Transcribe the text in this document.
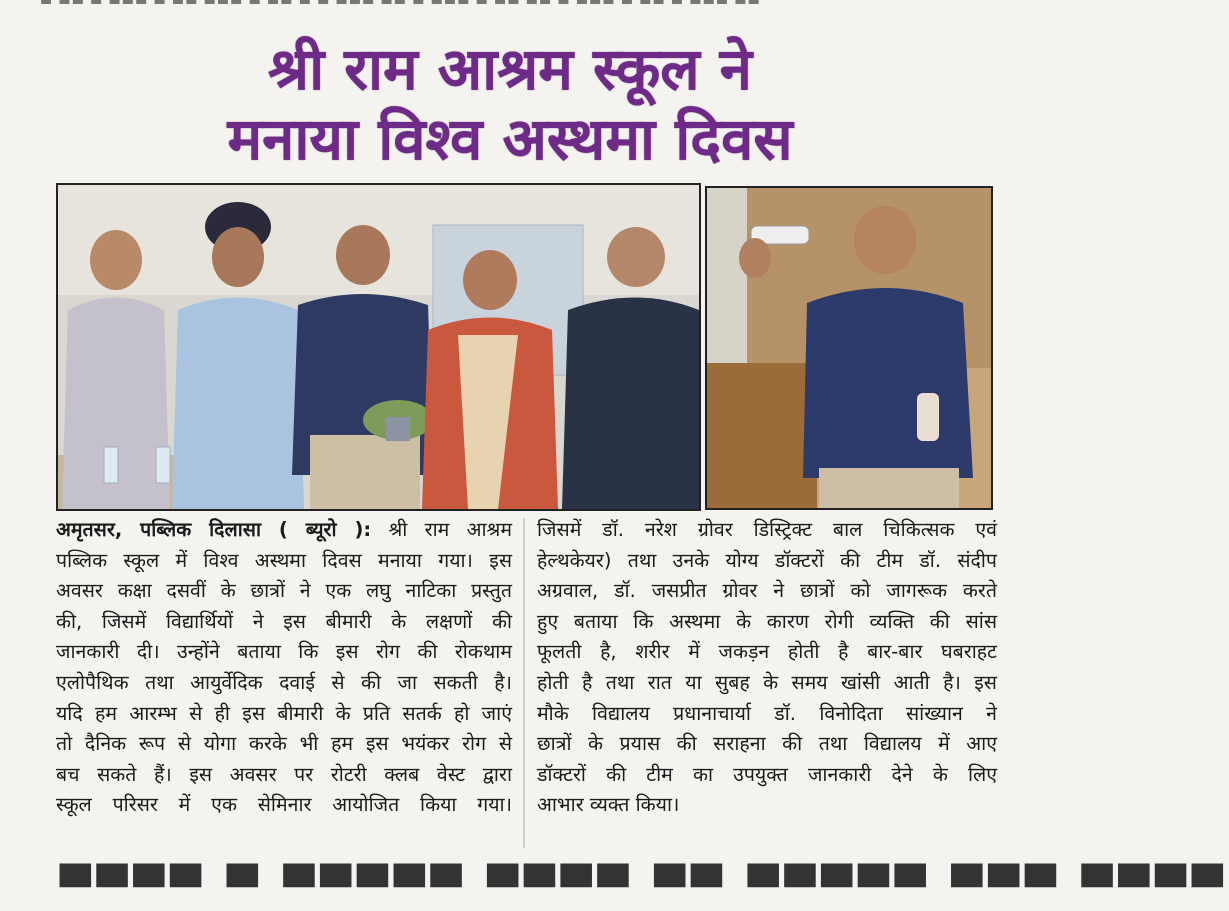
▬ ▬▬ ▬ ▬▬▬ ▬ ▬▬ ▬▬▬ ▬ ▬▬ ▬ ▬ ▬▬▬ ▬▬ ▬ ▬▬▬ ▬ ▬▬ ▬▬ ▬ ▬▬▬ ▬ ▬▬ ▬ ▬▬▬ ▬▬
श्री राम आश्रम स्कूल ने
मनाया विश्व अस्थमा दिवस
अमृतसर, पब्लिक दिलासा ( ब्यूरो ): श्री राम आश्रम
पब्लिक स्कूल में विश्व अस्थमा दिवस मनाया गया। इस
अवसर कक्षा दसवीं के छात्रों ने एक लघु नाटिका प्रस्तुत
की, जिसमें विद्यार्थियों ने इस बीमारी के लक्षणों की
जानकारी दी। उन्होंने बताया कि इस रोग की रोकथाम
एलोपैथिक तथा आयुर्वेदिक दवाई से की जा सकती है।
यदि हम आरम्भ से ही इस बीमारी के प्रति सतर्क हो जाएं
तो दैनिक रूप से योगा करके भी हम इस भयंकर रोग से
बच सकते हैं। इस अवसर पर रोटरी क्लब वेस्ट द्वारा
स्कूल परिसर में एक सेमिनार आयोजित किया गया।
जिसमें डॉ. नरेश ग्रोवर डिस्ट्रिक्ट बाल चिकित्सक एवं
हेल्थकेयर) तथा उनके योग्य डॉक्टरों की टीम डॉ. संदीप
अग्रवाल, डॉ. जसप्रीत ग्रोवर ने छात्रों को जागरूक करते
हुए बताया कि अस्थमा के कारण रोगी व्यक्ति की सांस
फूलती है, शरीर में जकड़न होती है बार-बार घबराहट
होती है तथा रात या सुबह के समय खांसी आती है। इस
मौके विद्यालय प्रधानाचार्या डॉ. विनोदिता सांख्यान ने
छात्रों के प्रयास की सराहना की तथा विद्यालय में आए
डॉक्टरों की टीम का उपयुक्त जानकारी देने के लिए
आभार व्यक्त किया।
▀▀▀▀ ▀ ▀▀▀▀▀ ▀▀▀▀ ▀▀ ▀▀▀▀▀ ▀▀▀ ▀▀▀▀
